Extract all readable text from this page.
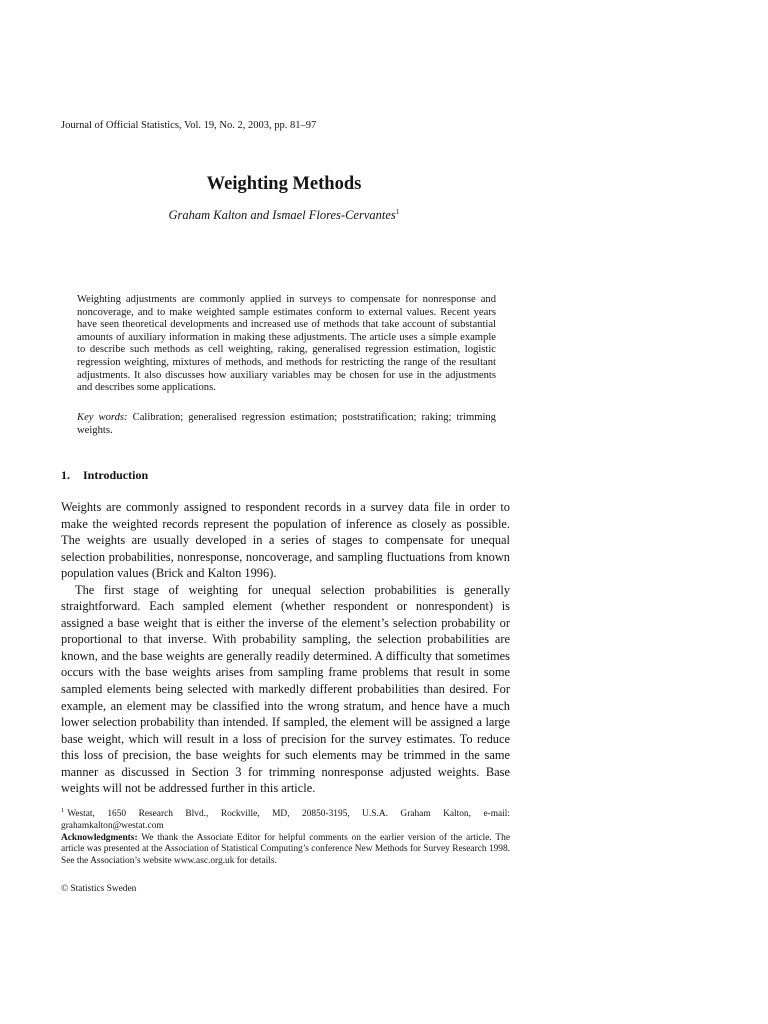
Journal of Official Statistics, Vol. 19, No. 2, 2003, pp. 81–97
Weighting Methods
Graham Kalton and Ismael Flores-Cervantes$^1$
Weighting adjustments are commonly applied in surveys to compensate for nonresponse and noncoverage, and to make weighted sample estimates conform to external values. Recent years have seen theoretical developments and increased use of methods that take account of substantial amounts of auxiliary information in making these adjustments. The article uses a simple example to describe such methods as cell weighting, raking, generalised regression estimation, logistic regression weighting, mixtures of methods, and methods for restricting the range of the resultant adjustments. It also discusses how auxiliary variables may be chosen for use in the adjustments and describes some applications.
Key words: Calibration; generalised regression estimation; poststratification; raking; trimming weights.
1. Introduction

Weights are commonly assigned to respondent records in a survey data file in order to make the weighted records represent the population of inference as closely as possible. The weights are usually developed in a series of stages to compensate for unequal selection probabilities, nonresponse, noncoverage, and sampling fluctuations from known population values (Brick and Kalton 1996).

The first stage of weighting for unequal selection probabilities is generally straightforward. Each sampled element (whether respondent or nonrespondent) is assigned a base weight that is either the inverse of the element’s selection probability or proportional to that inverse. With probability sampling, the selection probabilities are known, and the base weights are generally readily determined. A difficulty that sometimes occurs with the base weights arises from sampling frame problems that result in some sampled elements being selected with markedly different probabilities than desired. For example, an element may be classified into the wrong stratum, and hence have a much lower selection probability than intended. If sampled, the element will be assigned a large base weight, which will result in a loss of precision for the survey estimates. To reduce this loss of precision, the base weights for such elements may be trimmed in the same manner as discussed in Section 3 for trimming nonresponse adjusted weights. Base weights will not be addressed further in this article.

$^1$ Westat, 1650 Research Blvd., Rockville, MD, 20850-3195, U.S.A. Graham Kalton, e-mail: grahamkalton@westat.com

Acknowledgments: We thank the Associate Editor for helpful comments on the earlier version of the article. The article was presented at the Association of Statistical Computing’s conference New Methods for Survey Research 1998. See the Association’s website www.asc.org.uk for details.

© Statistics Sweden
